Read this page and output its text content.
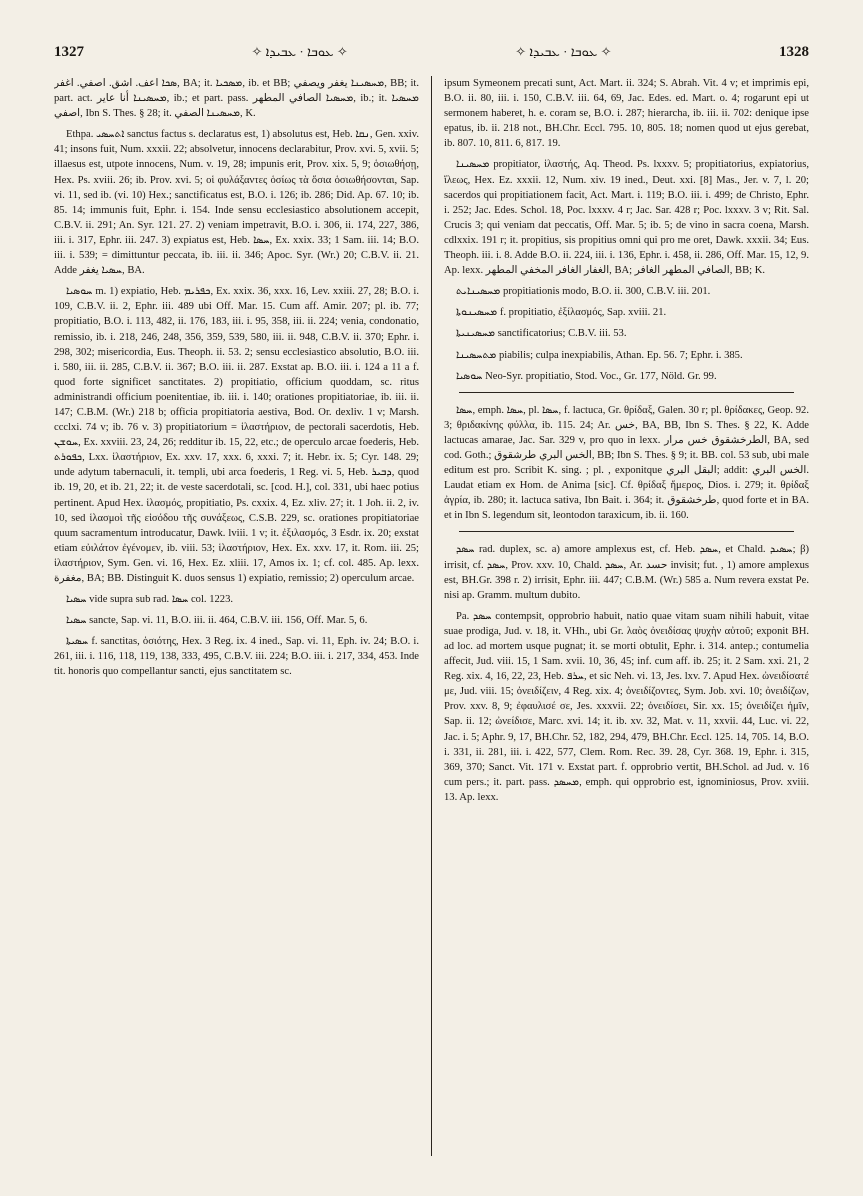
1327	✧ ܥܘܒܐ · ܥܒܝܕܐ ✧	✧ ܥܘܒܐ · ܥܒܝܕܐ ✧	1328

ܣܟܐ اعف. اشق. اصفي. اغفر, BA; it. ܡܣܟܝܐ, ib. et BB; ܡܚܣܝܢܐ يغفر ويصفي, BB; it. part. act. ܡܚܣܝܢܐ أنا عاير, ib.; et part. pass. ܡܚܣܝܐ الصافي المطهر, ib.; it. ܡܚܣܝܐ اصفي, Ibn S. Thes. § 28; it. ܡܚܣܝܢܐ الصفي, K.

Ethpa. ܐܬܚܣܝ sanctus factus s. declaratus est, 1) absolutus est, Heb. ܢܩܐ, Gen. xxiv. 41; insons fuit, Num. xxxii. 22; absolvetur, innocens declarabitur, Prov. xvi. 5, xvii. 5; illaesus est, utpote innocens, Num. v. 19, 28; impunis erit, Prov. xix. 5, 9; ὁσιωθήσῃ, Hex. Ps. xviii. 26; ib. Prov. xvi. 5; οἱ φυλάξαντες ὁσίως τὰ ὅσια ὁσιωθήσονται, Sap. vi. 11, sed ib. (vi. 10) Hex.; sanctificatus est, B.O. i. 126; ib. 286; Did. Ap. 67. 10; ib. 85. 14; immunis fuit, Ephr. i. 154. Inde sensu ecclesiastico absolutionem accepit, C.B.V. ii. 291; An. Syr. 121. 27. 2) veniam impetravit, B.O. i. 306, ii. 174, 227, 386, iii. i. 317, Ephr. iii. 247. 3) expiatus est, Heb. ܚܣܐ, Ex. xxix. 33; 1 Sam. iii. 14; B.O. iii. i. 539; = dimittuntur peccata, ib. iii. ii. 346; Apoc. Syr. (Wr.) 20; C.B.V. ii. 21. Adde ܚܣܝܐ يغفر, BA.

ܚܘܣܝܐ m. 1) expiatio, Heb. ܟܦܪܝܡ, Ex. xxix. 36, xxx. 16, Lev. xxiii. 27, 28; B.O. i. 109, C.B.V. ii. 2, Ephr. iii. 489 ubi Off. Mar. 15. Cum aff. Amir. 207; pl. ib. 77; propitiatio, B.O. i. 113, 482, ii. 176, 183, iii. i. 95, 358, iii. ii. 224; venia, condonatio, remissio, ib. i. 218, 246, 248, 356, 359, 539, 580, iii. ii. 948, C.B.V. ii. 370; Ephr. i. 298, 302; misericordia, Eus. Theoph. ii. 53. 2; sensu ecclesiastico absolutio, B.O. iii. i. 580, iii. ii. 285, C.B.V. ii. 367; B.O. iii. ii. 287. Exstat ap. B.O. iii. i. 124 a 11 a f. quod forte significet sanctitates. 2) propitiatio, officium quoddam, sc. ritus administrandi officium poenitentiae, ib. iii. i. 140; orationes propitiatoriae, ib. iii. ii. 147; C.B.M. (Wr.) 218 b; officia propitiatoria aestiva, Bod. Or. dexliv. 1 v; Marsh. ccclxi. 74 v; ib. 76 v. 3) propitiatorium = ἱλαστήριον, de pectorali sacerdotis, Heb. ܚܘܫܢ, Ex. xxviii. 23, 24, 26; redditur ib. 15, 22, etc.; de operculo arcae foederis, Heb. ܟܦܘܪܬ, Lxx. ἱλαστήριον, Ex. xxv. 17, xxx. 6, xxxi. 7; it. Hebr. ix. 5; Cyr. 148. 29; unde adytum tabernaculi, it. templi, ubi arca foederis, 1 Reg. vi. 5, Heb. ܕܒܝܪ, quod ib. 19, 20, et ib. 21, 22; it. de veste sacerdotali, sc. [cod. H.], col. 331, ubi haec potius pertinent. Apud Hex. ἱλασμός, propitiatio, Ps. cxxix. 4, Ez. xliv. 27; it. 1 Joh. ii. 2, iv. 10, sed ἱλασμοὶ τῆς εἰσόδου τῆς συνάξεως, C.S.B. 229, sc. orationes propitiatoriae quum sacramentum introducatur, Dawk. lviii. 1 v; it. ἐξιλασμός, 3 Esdr. ix. 20; exstat etiam εὐιλάτον ἐγένομεν, ib. viii. 53; ἱλαστήριον, Hex. Ex. xxv. 17, it. Rom. iii. 25; ἱλαστήριον, Sym. Gen. vi. 16, Hex. Ez. xliii. 17, Amos ix. 1; cf. col. 485. Ap. lexx. مغفرة, BA; BB. Distinguit K. duos sensus 1) expiatio, remissio; 2) operculum arcae.

ܚܣܝܐ vide supra sub rad. ܚܣܐ col. 1223.

ܚܣܝܐ sancte, Sap. vi. 11, B.O. iii. ii. 464, C.B.V. iii. 156, Off. Mar. 5, 6.

ܚܣܝܬܐ f. sanctitas, ὁσιότης, Hex. 3 Reg. ix. 4 ined., Sap. vi. 11, Eph. iv. 24; B.O. i. 261, iii. i. 116, 118, 119, 138, 333, 495, C.B.V. iii. 224; B.O. iii. i. 217, 334, 453. Inde tit. honoris quo compellantur sancti, ejus sanctitatem sc.

ipsum Symeonem precati sunt, Act. Mart. ii. 324; S. Abrah. Vit. 4 v; et imprimis epi, B.O. ii. 80, iii. i. 150, C.B.V. iii. 64, 69, Jac. Edes. ed. Mart. o. 4; rogarunt epi ut sermonem haberet, h. e. coram se, B.O. i. 287; hierarcha, ib. iii. ii. 702: denique ipse epatus, ib. ii. 218 not., BH.Chr. Eccl. 795. 10, 805. 18; nomen quod ut ejus gerebat, ib. 807. 10, 811. 6, 817. 19.

ܡܚܣܝܢܐ propitiator, ἱλαστής, Aq. Theod. Ps. lxxxv. 5; propitiatorius, expiatorius, ἵλεως, Hex. Ez. xxxii. 12, Num. xiv. 19 ined., Deut. xxi. [8] Mas., Jer. v. 7, l. 20; sacerdos qui propitiationem facit, Act. Mart. i. 119; B.O. iii. i. 499; de Christo, Ephr. i. 252; Jac. Edes. Schol. 18, Poc. lxxxv. 4 r; Jac. Sar. 428 r; Poc. lxxxv. 3 v; Rit. Sal. Crucis 3; qui veniam dat peccatis, Off. Mar. 5; ib. 5; de vino in sacra coena, Marsh. cdlxxix. 191 r; it. propitius, sis propitius omni qui pro me oret, Dawk. xxxii. 34; Eus. Theoph. iii. i. 8. Adde B.O. ii. 224, iii. i. 136, Ephr. i. 458, ii. 286, Off. Mar. 15, 12, 9. Ap. lexx. الغفار الغافر المخفي المطهر, BA; الصافي المطهر الغافر, BB; K.

ܡܚܣܝܢܐܝܬ propitiationis modo, B.O. ii. 300, C.B.V. iii. 201.

ܡܚܣܝܢܘܬܐ f. propitiatio, ἐξίλασμός, Sap. xviii. 21.

ܡܚܣܝܢܝܬܐ sanctificatorius; C.B.V. iii. 53.

ܡܬܚܣܝܢܐ piabilis; culpa inexpiabilis, Athan. Ep. 56. 7; Ephr. i. 385.

ܚܘܣܝܐ Neo-Syr. propitiatio, Stod. Voc., Gr. 177, Nöld. Gr. 99.

ܚܣܐ, emph. ܚܣܐ, pl. ܚܣܐ, f. lactuca, Gr. θρίδαξ, Galen. 30 r; pl. θρίδακες, Geop. 92. 3; θριδακίνης φύλλα, ib. 115. 24; Ar. خس, BA, BB, Ibn S. Thes. § 22, K. Adde lactucas amarae, Jac. Sar. 329 v, pro quo in lexx. الطرخشقوق خس مرار, BA, sed cod. Goth.; الخس البري طرشقوق, BB; Ibn S. Thes. § 9; it. BB. col. 53 sub, ubi male editum est pro. Scribit K. sing. ; pl. , exponitque البقل البري; addit: الخس البري. Laudat etiam ex Hom. de Anima [sic]. Cf. θρίδαξ ἥμερος, Dios. i. 279; it. θρίδαξ ἀγρία, ib. 280; it. lactuca sativa, Ibn Bait. i. 364; it. طرخشقوق, quod forte et in BA. et in Ibn S. legendum sit, leontodon taraxicum, ib. ii. 160.

ܚܣܕ rad. duplex, sc. a) amore amplexus est, cf. Heb. ܚܣܕ, et Chald. ܚܣܝܕ; β) irrisit, cf. ܚܣܕ, Prov. xxv. 10, Chald. ܚܣܕ, Ar. حسد invisit; fut. , 1) amore amplexus est, BH.Gr. 398 r. 2) irrisit, Ephr. iii. 447; C.B.M. (Wr.) 585 a. Num revera exstat Pe. nisi ap. Gramm. multum dubito.

Pa. ܚܣܕ contempsit, opprobrio habuit, natio quae vitam suam nihili habuit, vitae suae prodiga, Jud. v. 18, it. VHh., ubi Gr. λαὸς ὀνειδίσας ψυχὴν αὐτοῦ; exponit BH. ad loc. ad mortem usque pugnat; it. se morti obtulit, Ephr. i. 314. antep.; contumelia affecit, Jud. viii. 15, 1 Sam. xvii. 10, 36, 45; inf. cum aff. ib. 25; it. 2 Sam. xxi. 21, 2 Reg. xix. 4, 16, 22, 23, Heb. ܚܪܦ, et sic Neh. vi. 13, Jes. lxv. 7. Apud Hex. ὠνειδίσατέ με, Jud. viii. 15; ὀνειδίζειν, 4 Reg. xix. 4; ὀνειδίζοντες, Sym. Job. xvi. 10; ὀνειδίζων, Prov. xxv. 8, 9; ἐφαυλισέ σε, Jes. xxxvii. 22; ὀνειδίσει, Sir. xx. 15; ὀνειδίζει ἡμῖν, Sap. ii. 12; ὠνείδισε, Marc. xvi. 14; it. ib. xv. 32, Mat. v. 11, xxvii. 44, Luc. vi. 22, Jac. i. 5; Aphr. 9, 17, BH.Chr. 52, 182, 294, 479, BH.Chr. Eccl. 125. 14, 705. 14, B.O. i. 331, ii. 281, iii. i. 422, 577, Clem. Rom. Rec. 39. 28, Cyr. 368. 19, Ephr. i. 315, 369, 370; Sanct. Vit. 171 v. Exstat part. f. opprobrio vertit, BH.Schol. ad Jud. v. 16 cum pers.; it. part. pass. ܡܚܣܕ, emph. qui opprobrio est, ignominiosus, Prov. xviii. 13. Ap. lexx.
